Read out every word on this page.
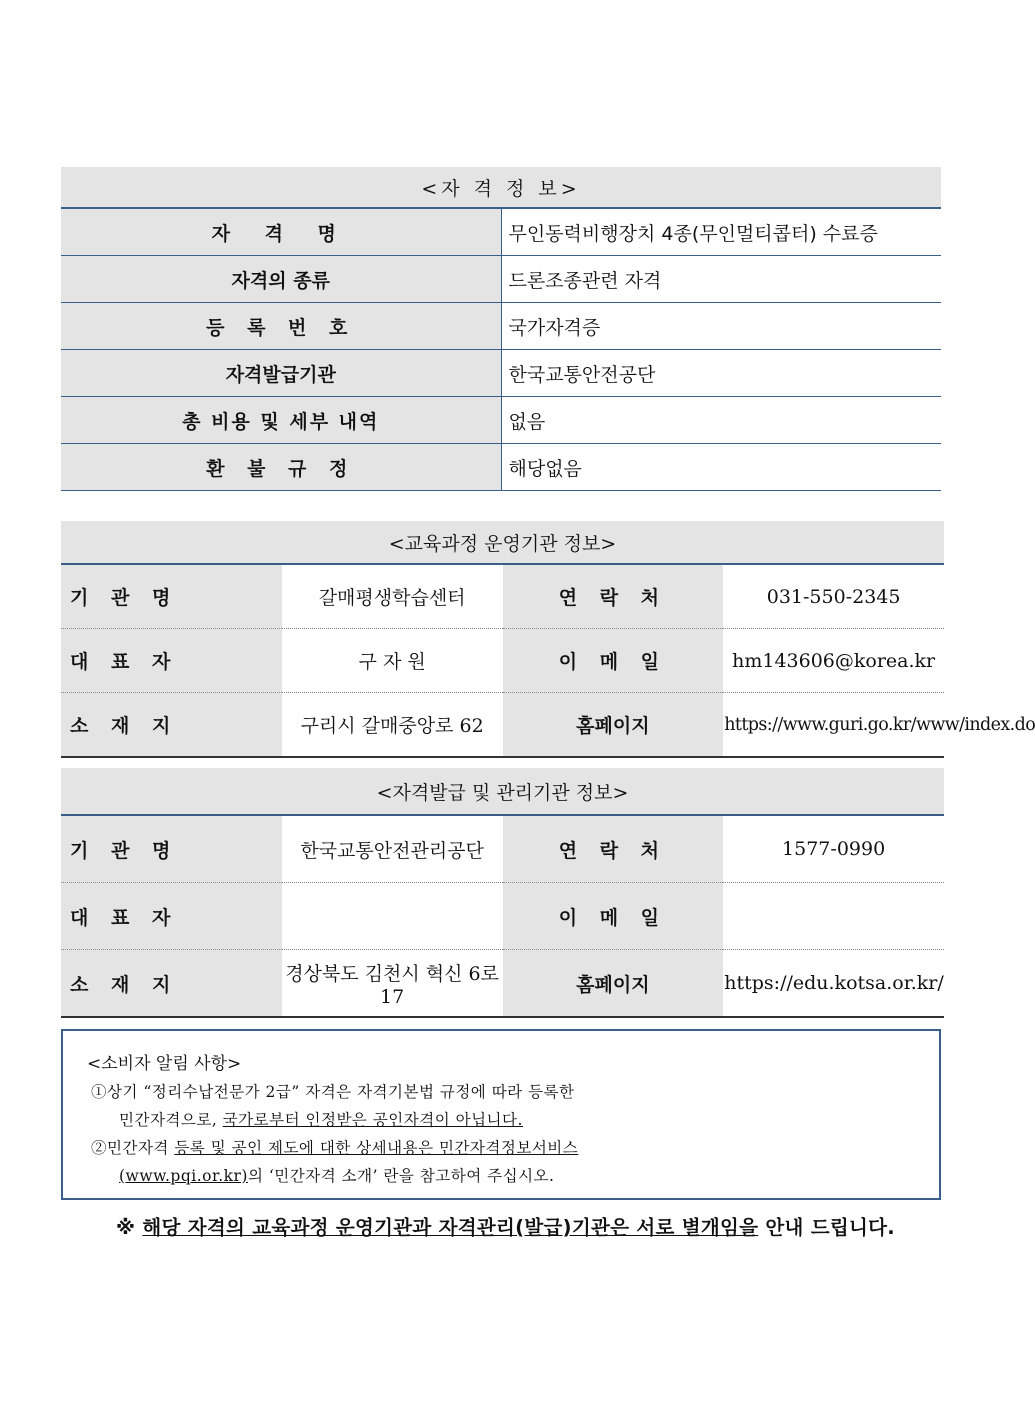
<자 격 정 보>	
자 격 명	무인동력비행장치 4종(무인멀티콥터) 수료증
자격의 종류	드론조종관련 자격
등 록 번 호	국가자격증
자격발급기관	한국교통안전공단
총 비용 및 세부 내역	없음
환 불 규 정	해당없음
<교육과정 운영기관 정보>			
기 관 명	갈매평생학습센터	연 락 처	031-550-2345
대 표 자	구 자 원	이 메 일	hm143606@korea.kr
소 재 지	구리시 갈매중앙로 62	홈페이지	https://www.guri.go.kr/www/index.do
<자격발급 및 관리기관 정보>			
기 관 명	한국교통안전관리공단	연 락 처	1577-0990
대 표 자		이 메 일	
소 재 지	경상북도 김천시 혁신 6로 17	홈페이지	https://edu.kotsa.or.kr/
<소비자 알림 사항>
①상기 “정리수납전문가 2급” 자격은 자격기본법 규정에 따라 등록한
민간자격으로, 국가로부터 인정받은 공인자격이 아닙니다.
②민간자격 등록 및 공인 제도에 대한 상세내용은 민간자격정보서비스
(www.pqi.or.kr)의 ‘민간자격 소개’ 란을 참고하여 주십시오.
※ 해당 자격의 교육과정 운영기관과 자격관리(발급)기관은 서로 별개임을 안내 드립니다.
